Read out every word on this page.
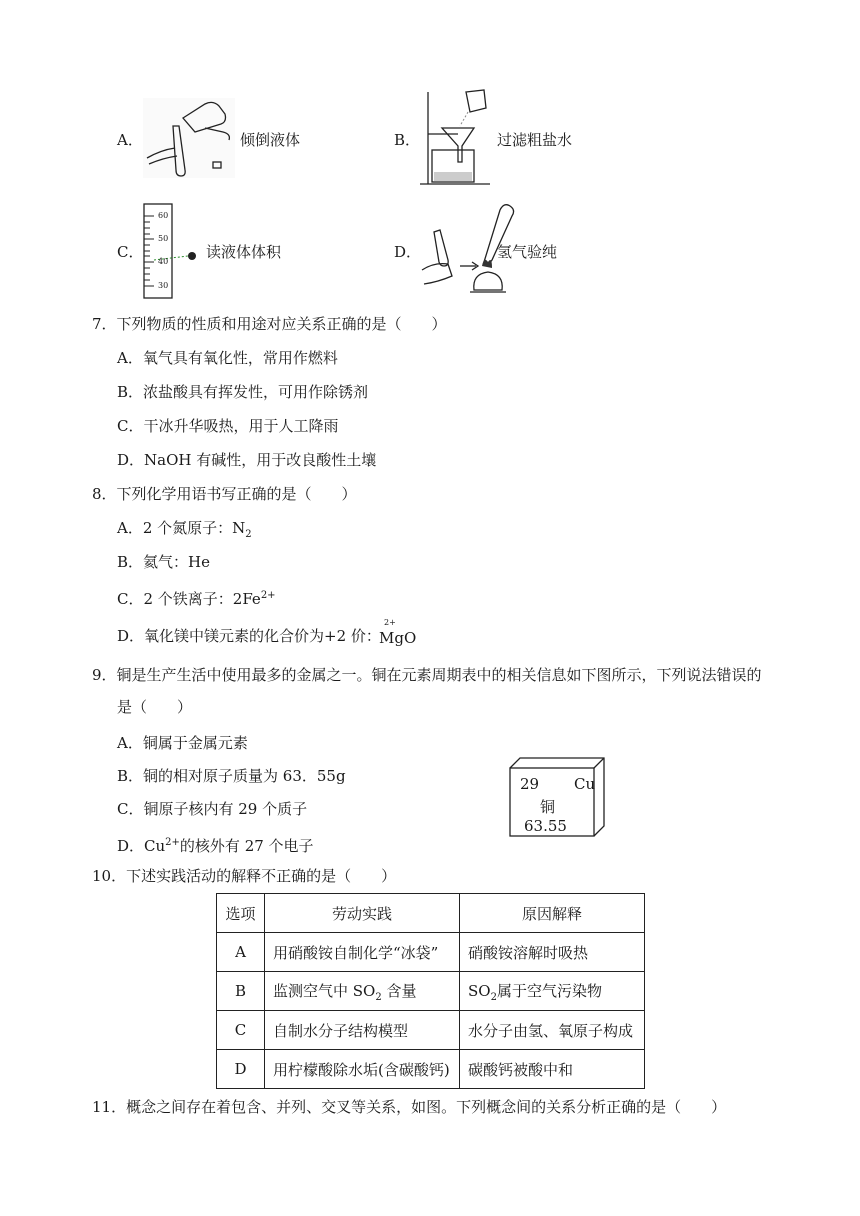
A．	倾倒液体	B．	过滤粗盐水
C．
60
50
40
30
读液体体积	D．	氢气验纯
7．下列物质的性质和用途对应关系正确的是（　　）
A．氧气具有氧化性，常用作燃料
B．浓盐酸具有挥发性，可用作除锈剂
C．干冰升华吸热，用于人工降雨
D．NaOH 有碱性，用于改良酸性土壤
8．下列化学用语书写正确的是（　　）
A．2 个氮原子：$N_2$
B．氦气：He
C．2 个铁离子：$2Fe^{2+}$
D．氧化镁中镁元素的化合价为+2 价：
2+
MgO
9．铜是生产生活中使用最多的金属之一。铜在元素周期表中的相关信息如下图所示，下列说法错误的
是（　　）
A．铜属于金属元素
B．铜的相对原子质量为 63．55g
C．铜原子核内有 29 个质子
D．$Cu^{2+}$的核外有 27 个电子
29 Cu
铜
63.55
10．下述实践活动的解释不正确的是（　　）
选项	劳动实践	原因解释
A	用硝酸铵自制化学“冰袋”	硝酸铵溶解时吸热
B	监测空气中 $SO_2$ 含量	$SO_2$属于空气污染物
C	自制水分子结构模型	水分子由氢、氧原子构成
D	用柠檬酸除水垢(含碳酸钙)	碳酸钙被酸中和
11．概念之间存在着包含、并列、交叉等关系，如图。下列概念间的关系分析正确的是（　　）
